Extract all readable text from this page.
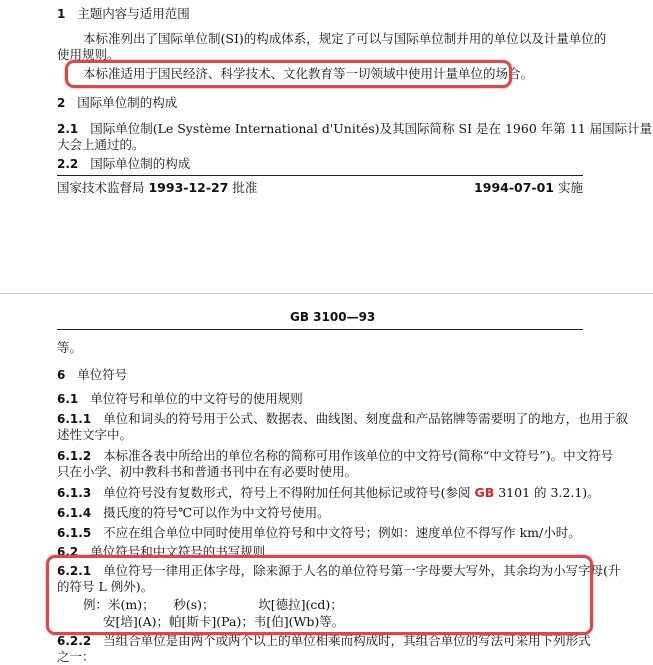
1 主题内容与适用范围
本标准列出了国际单位制(SI)的构成体系，规定了可以与国际单位制并用的单位以及计量单位的
使用规则。
本标准适用于国民经济、科学技术、文化教育等一切领域中使用计量单位的场合。
2 国际单位制的构成
2.1 国际单位制(Le Système International d'Unités)及其国际简称 SI 是在 1960 年第 11 届国际计量
大会上通过的。
2.2 国际单位制的构成
国家技术监督局 1993-12-27 批准	1994-07-01 实施
GB 3100—93
等。
6 单位符号
6.1 单位符号和单位的中文符号的使用规则
6.1.1 单位和词头的符号用于公式、数据表、曲线图、刻度盘和产品铭牌等需要明了的地方，也用于叙
述性文字中。
6.1.2 本标准各表中所给出的单位名称的简称可用作该单位的中文符号(简称“中文符号”)。中文符号
只在小学、初中教科书和普通书刊中在有必要时使用。
6.1.3 单位符号没有复数形式，符号上不得附加任何其他标记或符号(参阅 GB 3101 的 3.2.1)。
6.1.4 摄氏度的符号℃可以作为中文符号使用。
6.1.5 不应在组合单位中同时使用单位符号和中文符号；例如：速度单位不得写作 km/小时。
6.2 单位符号和中文符号的书写规则
6.2.1 单位符号一律用正体字母，除来源于人名的单位符号第一字母要大写外，其余均为小写字母(升
的符号 L 例外)。
例：米(m)；　　秒(s)；　　　　坎[德拉](cd)；
安[培](A)；帕[斯卡](Pa)；韦[伯](Wb)等。
6.2.2 当组合单位是由两个或两个以上的单位相乘而构成时，其组合单位的写法可采用下列形式
之一：
